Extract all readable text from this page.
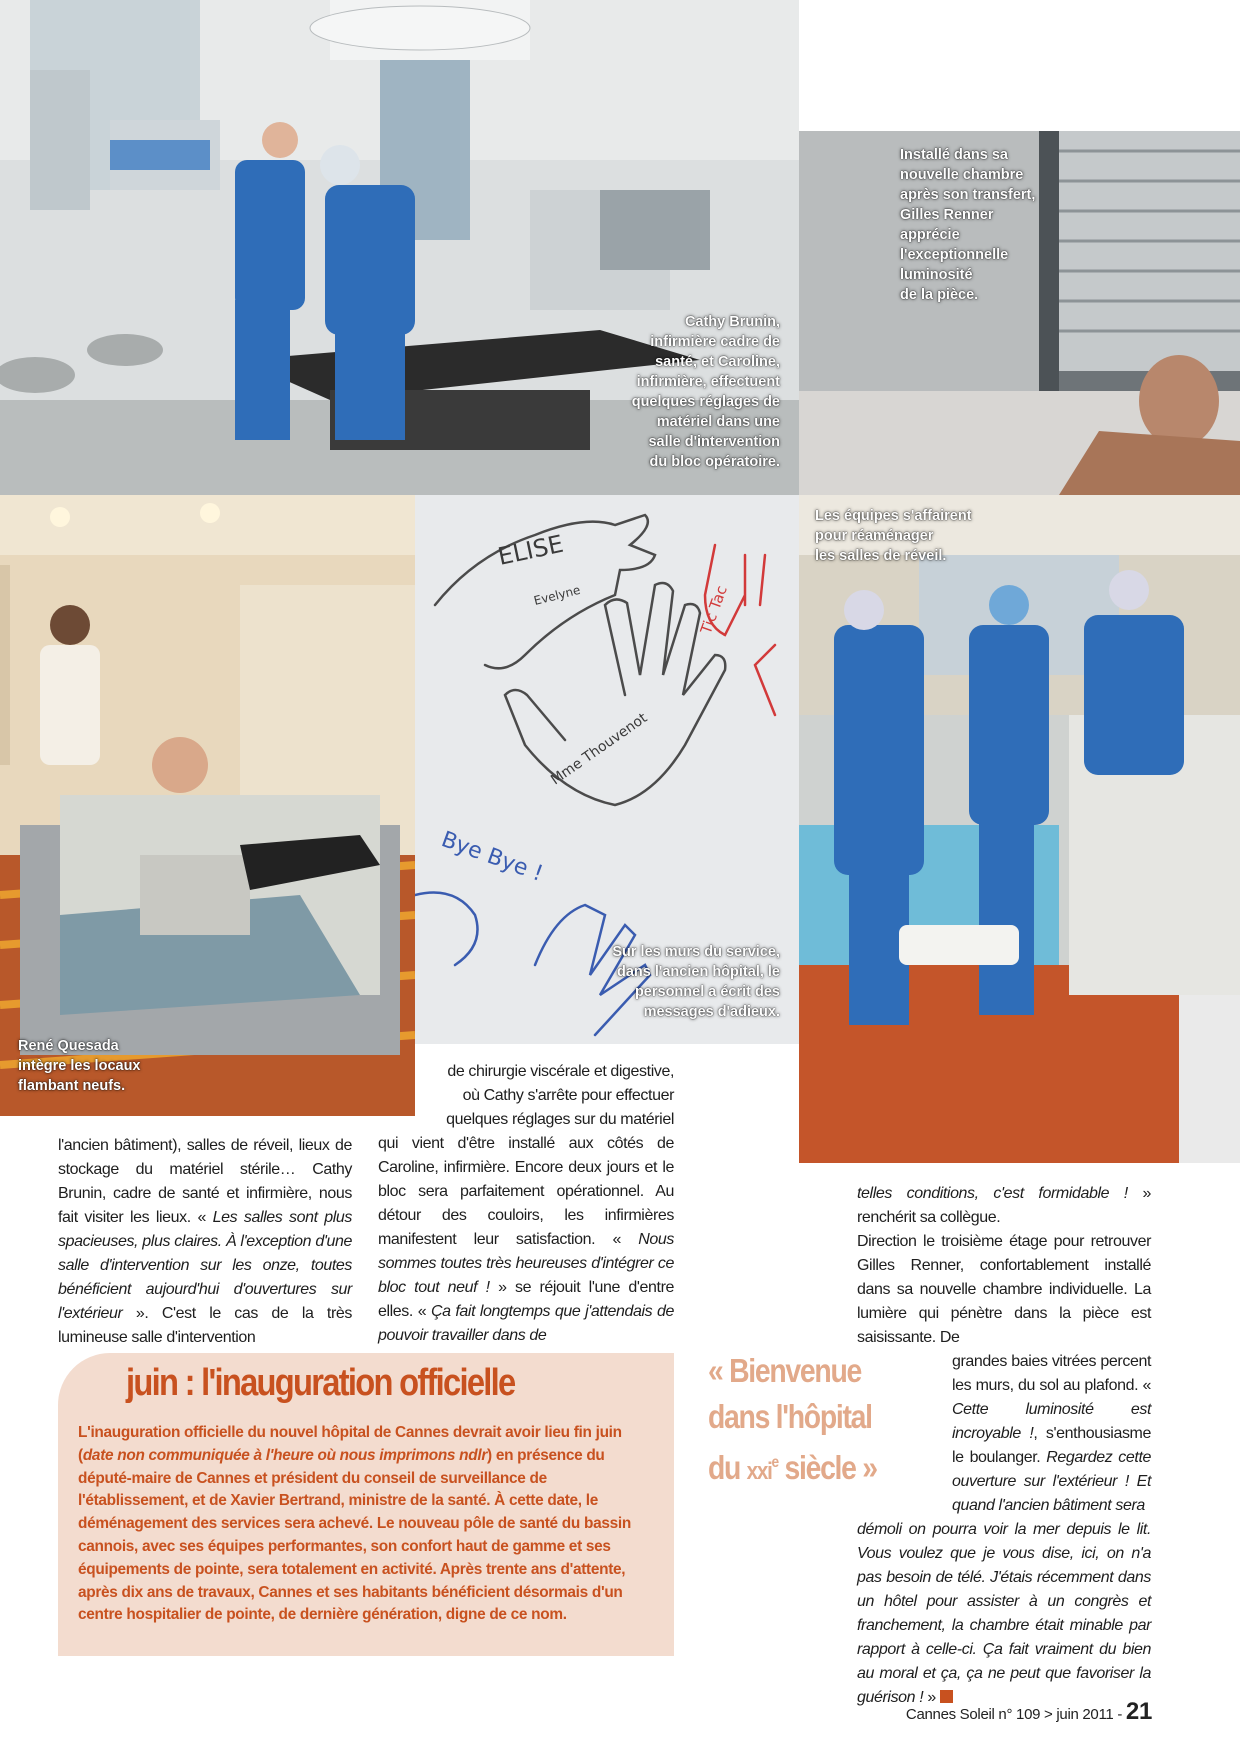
Cathy Brunin,
infirmière cadre de
santé, et Caroline,
infirmière, effectuent
quelques réglages de
matériel dans une
salle d'intervention
du bloc opératoire.
Installé dans sa
nouvelle chambre
après son transfert,
Gilles Renner
apprécie
l'exceptionnelle
luminosité
de la pièce.
René Quesada
intègre les locaux
flambant neufs.
ELISE
Evelyne	Tic Tac
Mme Thouvenot
Bye Bye !
Sur les murs du service,
dans l'ancien hôpital, le
personnel a écrit des
messages d'adieux.
Les équipes s'affairent
pour réaménager
les salles de réveil.

l'ancien bâtiment), salles de réveil, lieux de stockage du matériel stérile… Cathy Brunin, cadre de santé et infirmière, nous fait visiter les lieux. « Les salles sont plus spacieuses, plus claires. À l'exception d'une salle d'intervention sur les onze, toutes bénéficient aujourd'hui d'ouvertures sur l'extérieur ». C'est le cas de la très lumineuse salle d'intervention

de chirurgie viscérale et digestive, où Cathy s'arrête pour effectuer quelques réglages sur du matériel

qui vient d'être installé aux côtés de Caroline, infirmière. Encore deux jours et le bloc sera parfaitement opérationnel. Au détour des couloirs, les infirmières manifestent leur satisfaction. « Nous sommes toutes très heureuses d'intégrer ce bloc tout neuf ! » se réjouit l'une d'entre elles. « Ça fait longtemps que j'attendais de pouvoir travailler dans de

telles conditions, c'est formidable ! » renchérit sa collègue.

Direction le troisième étage pour retrouver Gilles Renner, confortablement installé dans sa nouvelle chambre individuelle. La lumière qui pénètre dans la pièce est saisissante. De

grandes baies vitrées percent les murs, du sol au plafond. « Cette luminosité est incroyable !, s'enthousiasme le boulanger. Regardez cette ouverture sur l'extérieur ! Et quand l'ancien bâtiment sera

démoli on pourra voir la mer depuis le lit. Vous voulez que je vous dise, ici, on n'a pas besoin de télé. J'étais récemment dans un hôtel pour assister à un congrès et franchement, la chambre était minable par rapport à celle-ci. Ça fait vraiment du bien au moral et ça, ça ne peut que favoriser la guérison ! »

« Bienvenue
dans l'hôpital
du xxi$^e$ siècle »
juin : l'inauguration officielle
L'inauguration officielle du nouvel hôpital de Cannes devrait avoir lieu fin juin (date non communiquée à l'heure où nous imprimons ndlr) en présence du député-maire de Cannes et président du conseil de surveillance de l'établissement, et de Xavier Bertrand, ministre de la santé. À cette date, le déménagement des services sera achevé. Le nouveau pôle de santé du bassin cannois, avec ses équipes performantes, son confort haut de gamme et ses équipements de pointe, sera totalement en activité. Après trente ans d'attente, après dix ans de travaux, Cannes et ses habitants bénéficient désormais d'un centre hospitalier de pointe, de dernière génération, digne de ce nom.
Cannes Soleil n° 109 > juin 2011 - 21
